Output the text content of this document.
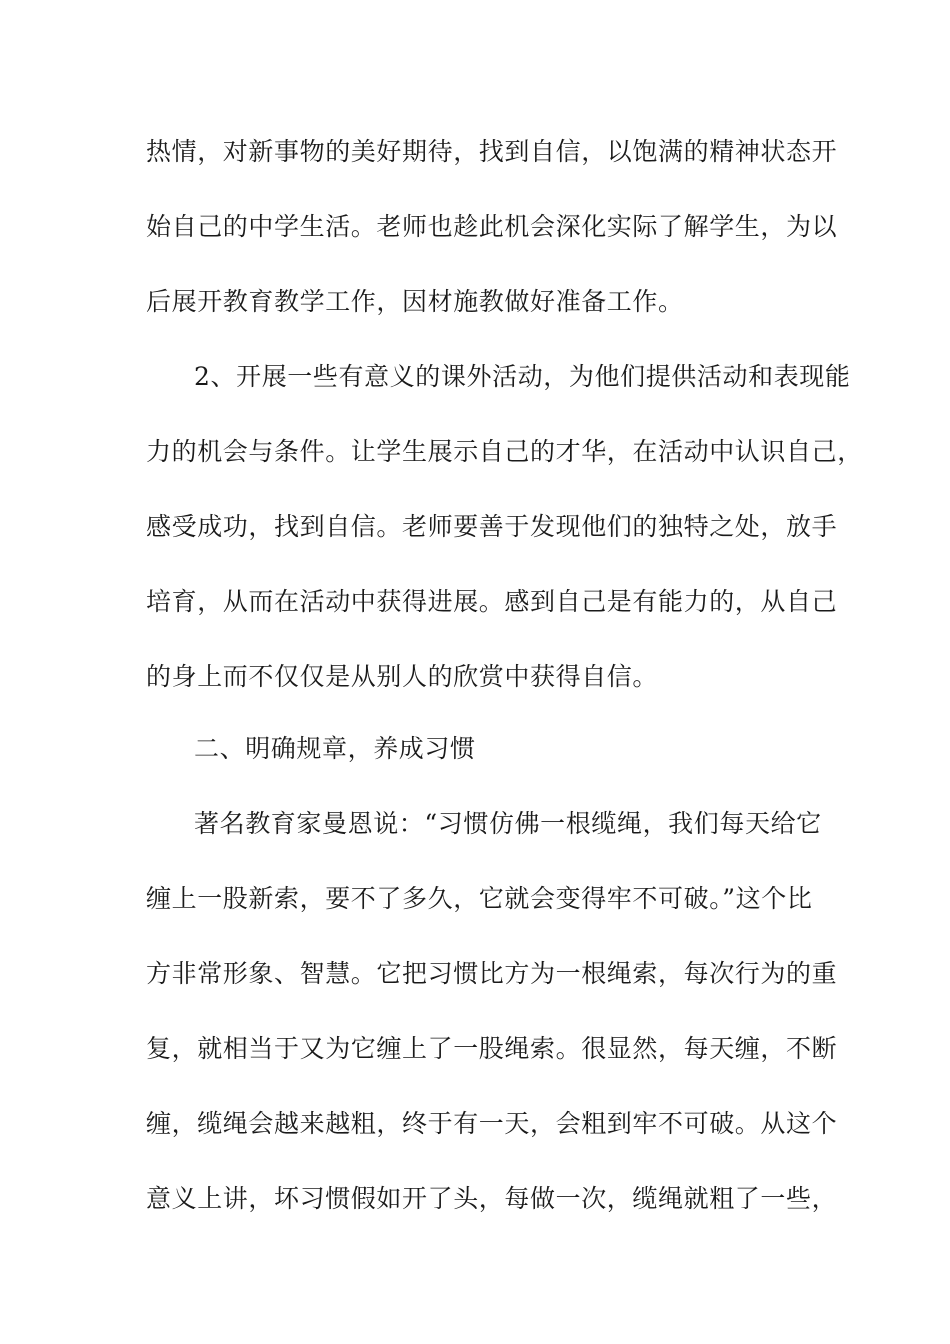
热情，对新事物的美好期待，找到自信，以饱满的精神状态开
始自己的中学生活。老师也趁此机会深化实际了解学生，为以
后展开教育教学工作，因材施教做好准备工作。
2、开展一些有意义的课外活动，为他们提供活动和表现能
力的机会与条件。让学生展示自己的才华，在活动中认识自己，
感受成功，找到自信。老师要善于发现他们的独特之处，放手
培育，从而在活动中获得进展。感到自己是有能力的，从自己
的身上而不仅仅是从别人的欣赏中获得自信。
二、明确规章，养成习惯
著名教育家曼恩说：“习惯仿佛一根缆绳，我们每天给它
缠上一股新索，要不了多久，它就会变得牢不可破。”这个比
方非常形象、智慧。它把习惯比方为一根绳索，每次行为的重
复，就相当于又为它缠上了一股绳索。很显然，每天缠，不断
缠，缆绳会越来越粗，终于有一天，会粗到牢不可破。从这个
意义上讲，坏习惯假如开了头，每做一次，缆绳就粗了一些，
